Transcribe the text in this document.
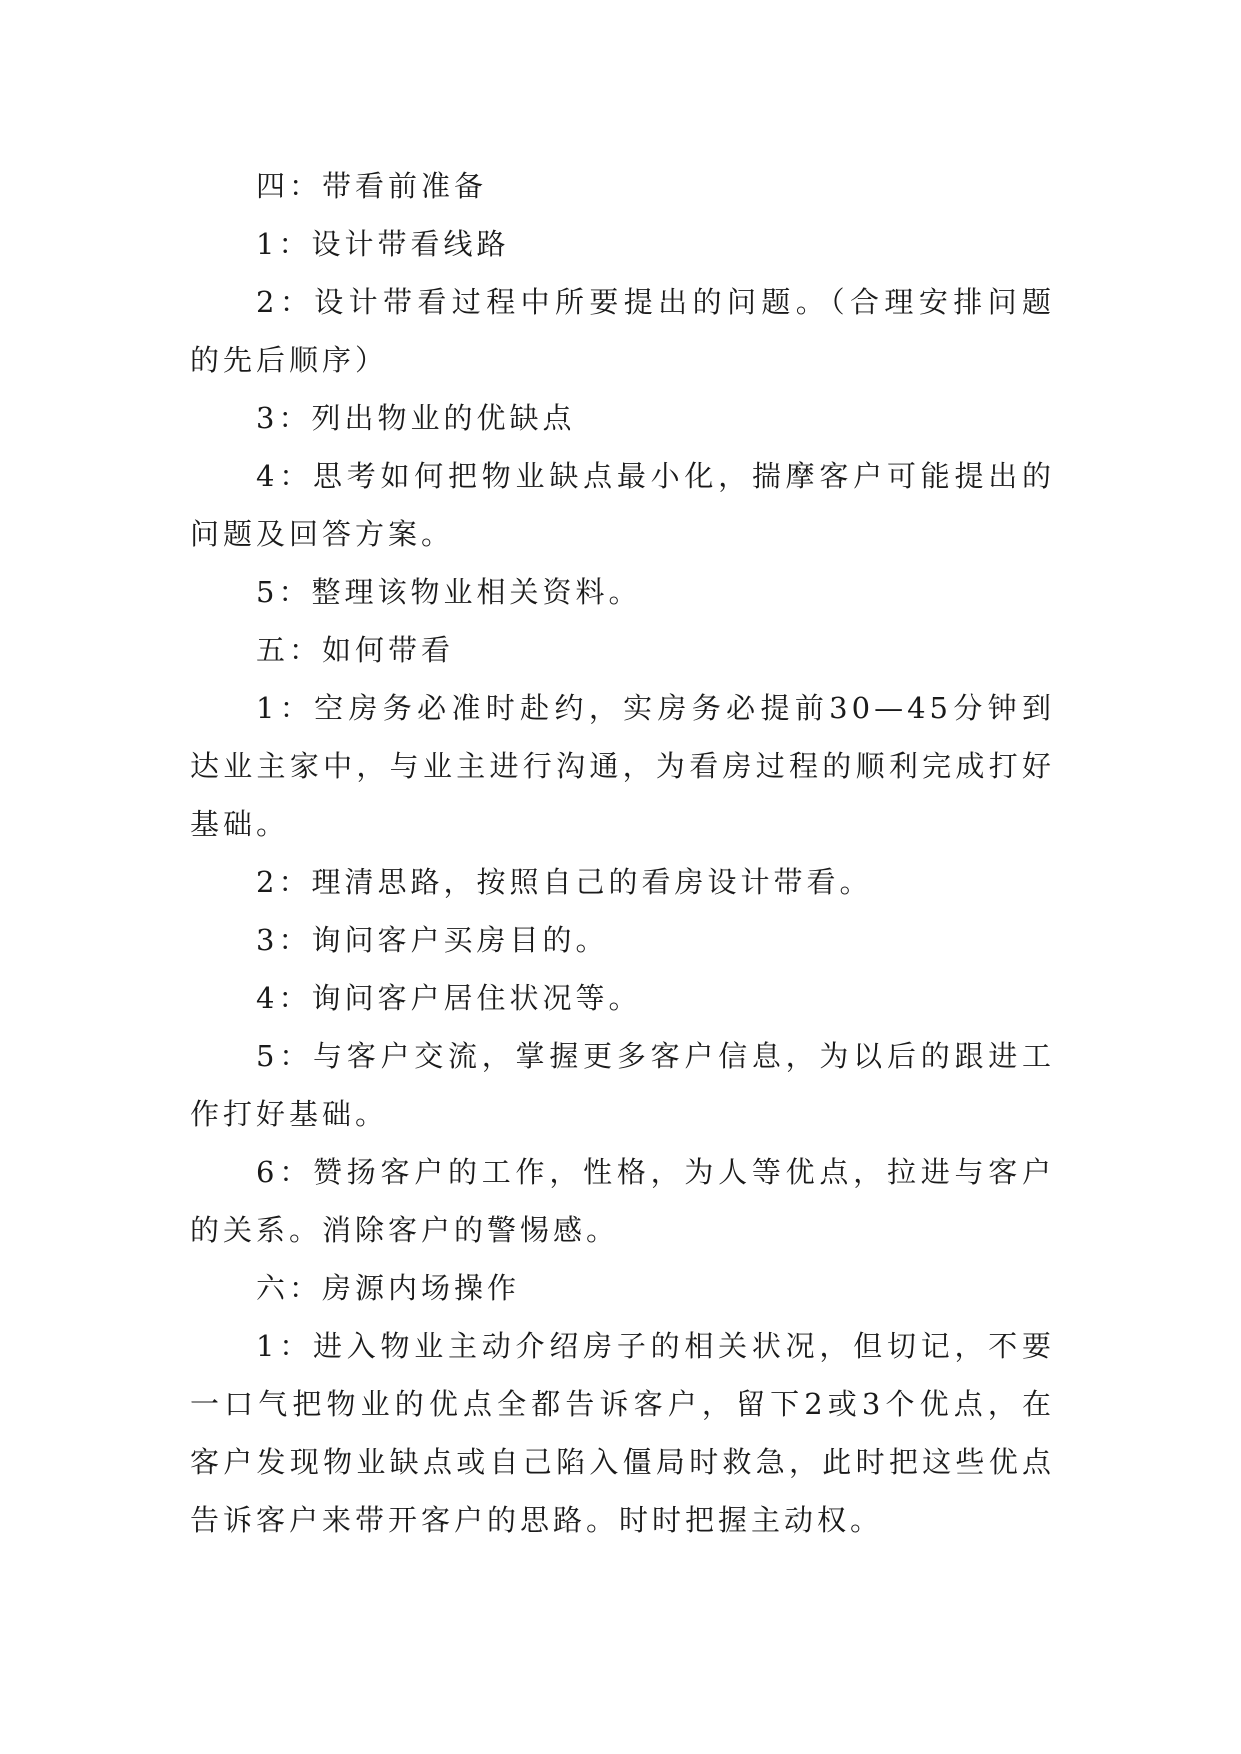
四：带看前准备

1：设计带看线路

2：设计带看过程中所要提出的问题。（合理安排问题的先后顺序）

3：列出物业的优缺点

4：思考如何把物业缺点最小化，揣摩客户可能提出的问题及回答方案。

5：整理该物业相关资料。

五：如何带看

1：空房务必准时赴约，实房务必提前30—45分钟到达业主家中，与业主进行沟通，为看房过程的顺利完成打好基础。

2：理清思路，按照自己的看房设计带看。

3：询问客户买房目的。

4：询问客户居住状况等。

5：与客户交流，掌握更多客户信息，为以后的跟进工作打好基础。

6：赞扬客户的工作，性格，为人等优点，拉进与客户的关系。消除客户的警惕感。

六：房源内场操作

1：进入物业主动介绍房子的相关状况，但切记，不要一口气把物业的优点全都告诉客户，留下2或3个优点，在客户发现物业缺点或自己陷入僵局时救急，此时把这些优点告诉客户来带开客户的思路。时时把握主动权。
